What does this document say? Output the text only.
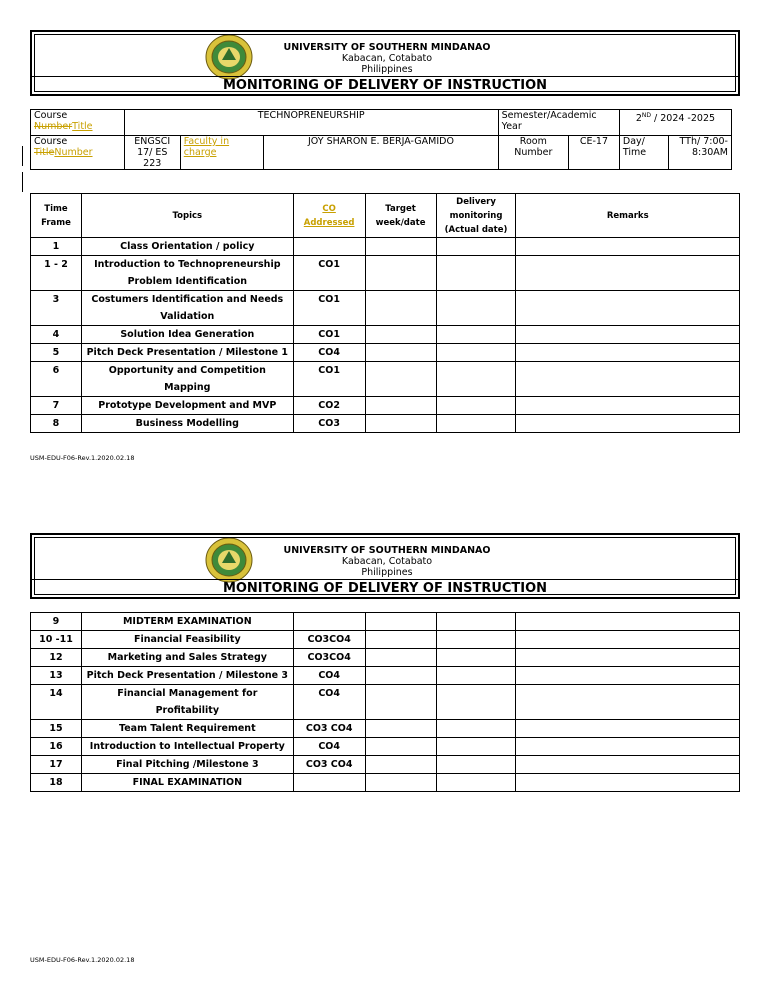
UNIVERSITY OF SOUTHERN MINDANAO
Kabacan, Cotabato
Philippines
MONITORING OF DELIVERY OF INSTRUCTION
Course
NumberTitle	TECHNOPRENEURSHIP			Semester/Academic Year		2ND / 2024 -2025	
Course
TitleNumber	ENGSCI 17/ ES 223	Faculty in charge	JOY SHARON E. BERJA-GAMIDO	Room Number	CE-17	Day/ Time	TTh/ 7:00-8:30AM
Time Frame	Topics	CO Addressed	Target week/date	Delivery monitoring (Actual date)	Remarks
1	Class Orientation / policy				
1 - 2	Introduction to Technopreneurship Problem Identification	CO1			
3	Costumers Identification and Needs Validation	CO1			
4	Solution Idea Generation	CO1			
5	Pitch Deck Presentation / Milestone 1	CO4			
6	Opportunity and Competition Mapping	CO1			
7	Prototype Development and MVP	CO2			
8	Business Modelling	CO3			
USM-EDU-F06-Rev.1.2020.02.18
UNIVERSITY OF SOUTHERN MINDANAO
Kabacan, Cotabato
Philippines
MONITORING OF DELIVERY OF INSTRUCTION
9	MIDTERM EXAMINATION				
10 -11	Financial Feasibility	CO3CO4			
12	Marketing and Sales Strategy	CO3CO4			
13	Pitch Deck Presentation / Milestone 3	CO4			
14	Financial Management for Profitability	CO4			
15	Team Talent Requirement	CO3 CO4			
16	Introduction to Intellectual Property	CO4			
17	Final Pitching /Milestone 3	CO3 CO4			
18	FINAL EXAMINATION				
USM-EDU-F06-Rev.1.2020.02.18
